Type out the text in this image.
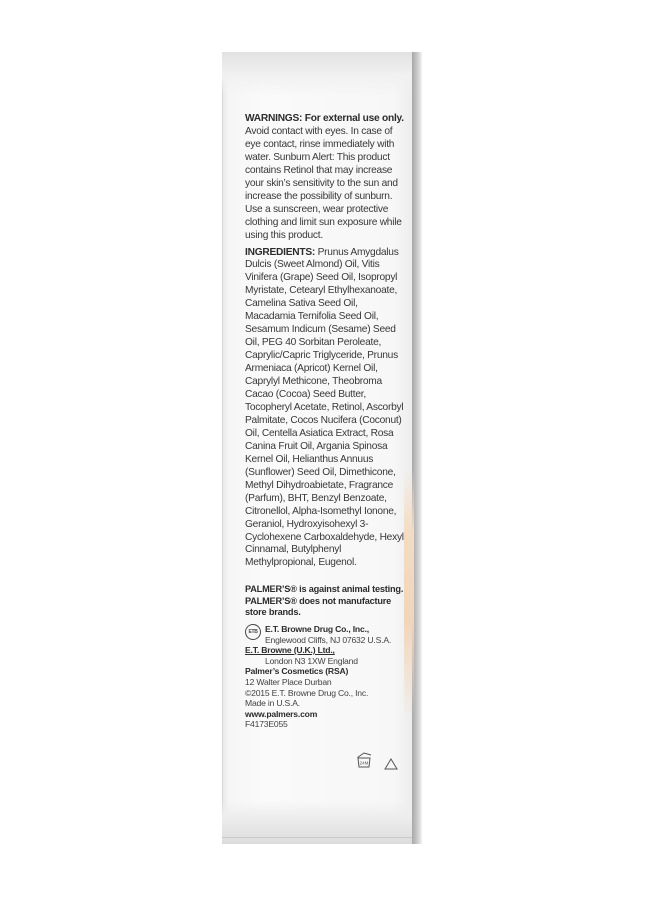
WARNINGS: For external use only. Avoid contact with eyes. In case of eye contact, rinse immediately with water. Sunburn Alert: This product contains Retinol that may increase your skin’s sensitivity to the sun and increase the possibility of sunburn. Use a sunscreen, wear protective clothing and limit sun exposure while using this product.

INGREDIENTS: Prunus Amygdalus Dulcis (Sweet Almond) Oil, Vitis Vinifera (Grape) Seed Oil, Isopropyl Myristate, Cetearyl Ethylhexanoate, Camelina Sativa Seed Oil, Macadamia Ternifolia Seed Oil, Sesamum Indicum (Sesame) Seed Oil, PEG 40 Sorbitan Peroleate, Caprylic/Capric Triglyceride, Prunus Armeniaca (Apricot) Kernel Oil, Caprylyl Methicone, Theobroma Cacao (Cocoa) Seed Butter, Tocopheryl Acetate, Retinol, Ascorbyl Palmitate, Cocos Nucifera (Coconut) Oil, Centella Asiatica Extract, Rosa Canina Fruit Oil, Argania Spinosa Kernel Oil, Helianthus Annuus (Sunflower) Seed Oil, Dimethicone, Methyl Dihydroabietate, Fragrance (Parfum), BHT, Benzyl Benzoate, Citronellol, Alpha-Isomethyl Ionone, Geraniol, Hydroxyisohexyl 3-Cyclohexene Carboxaldehyde, Hexyl Cinnamal, Butylphenyl Methylpropional, Eugenol.

PALMER’S® is against animal testing.
PALMER’S® does not manufacture store brands.
ETB E.T. Browne Drug Co., Inc.,
Englewood Cliffs, NJ 07632 U.S.A.
E.T. Browne (U.K.) Ltd.,
London N3 1XW England
Palmer’s Cosmetics (RSA)
12 Walter Place Durban
©2015 E.T. Browne Drug Co., Inc.
Made in U.S.A.
www.palmers.com
F4173E055
24M
